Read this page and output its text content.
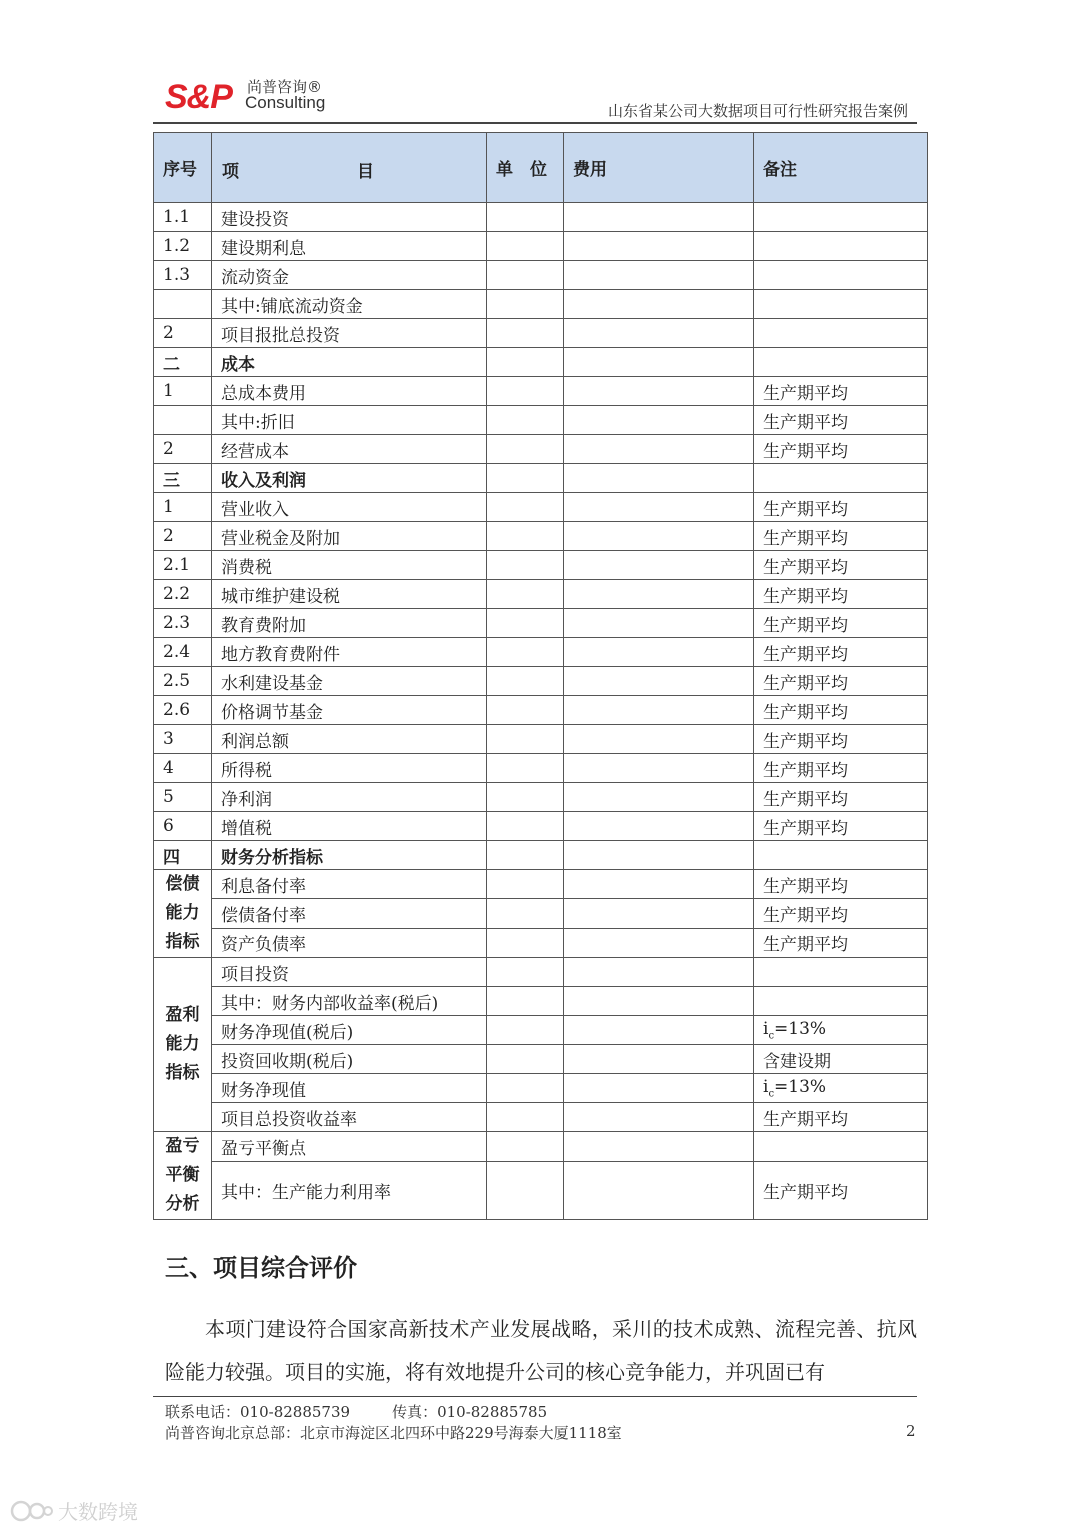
S&P 尚普咨询®
Consulting	山东省某公司大数据项目可行性研究报告案例
序号	项 目	单　位	费用	备注
1.1	建设投资			
1.2	建设期利息			
1.3	流动资金			
	其中:铺底流动资金			
2	项目报批总投资			
二	成本			
1	总成本费用			生产期平均
	其中:折旧			生产期平均
2	经营成本			生产期平均
三	收入及利润			
1	营业收入			生产期平均
2	营业税金及附加			生产期平均
2.1	消费税			生产期平均
2.2	城市维护建设税			生产期平均
2.3	教育费附加			生产期平均
2.4	地方教育费附件			生产期平均
2.5	水利建设基金			生产期平均
2.6	价格调节基金			生产期平均
3	利润总额			生产期平均
4	所得税			生产期平均
5	净利润			生产期平均
6	增值税			生产期平均
四	财务分析指标			
偿债能力指标	利息备付率			生产期平均
	偿债备付率			生产期平均
	资产负债率			生产期平均
盈利能力指标	项目投资			
	其中：财务内部收益率(税后)			
	财务净现值(税后)			$i_c=13\%$
	投资回收期(税后)			含建设期
	财务净现值			$i_c=13\%$
	项目总投资收益率			生产期平均
盈亏平衡分析	盈亏平衡点			
	其中：生产能力利用率			生产期平均
三、项目综合评价
本项门建设符合国家高新技术产业发展战略，采川的技术成熟、流程完善、抗风险能力较强。项目的实施，将有效地提升公司的核心竞争能力，并巩固已有
联系电话：010-82885739	传真：010-82885785
尚普咨询北京总部：北京市海淀区北四环中路229号海泰大厦1118室	2
大数跨境
